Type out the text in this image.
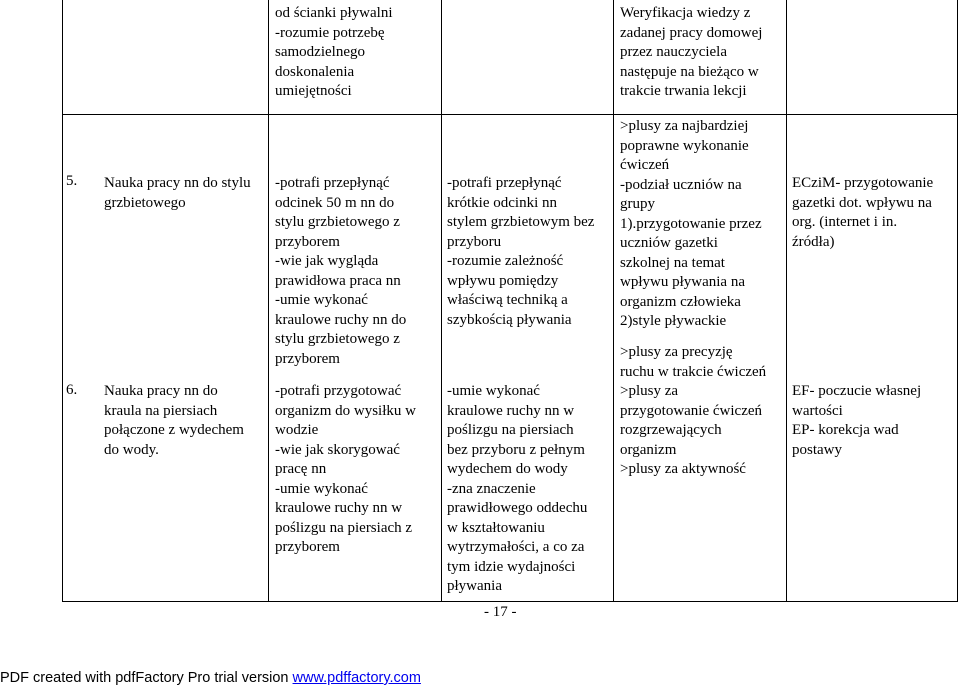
od ścianki pływalni
-rozumie potrzebę
samodzielnego
doskonalenia
umiejętności
Weryfikacja wiedzy z
zadanej pracy domowej
przez nauczyciela
następuje na bieżąco w
trakcie trwania lekcji
5. Nauka pracy nn do stylu
grzbietowego
-potrafi przepłynąć
odcinek 50 m nn do
stylu grzbietowego z
przyborem
-wie jak wygląda
prawidłowa praca nn
-umie wykonać
kraulowe ruchy nn do
stylu grzbietowego z
przyborem
-potrafi przepłynąć
krótkie odcinki nn
stylem grzbietowym bez
przyboru
-rozumie zależność
wpływu pomiędzy
właściwą techniką a
szybkością pływania
>plusy za najbardziej
poprawne wykonanie
ćwiczeń
-podział uczniów na
grupy
1).przygotowanie przez
uczniów gazetki
szkolnej na temat
wpływu pływania na
organizm człowieka
2)style pływackie
ECziM- przygotowanie
gazetki dot. wpływu na
org. (internet i in.
źródła)
6. Nauka pracy nn do
kraula na piersiach
połączone z wydechem
do wody.
-potrafi przygotować
organizm do wysiłku w
wodzie
-wie jak skorygować
pracę nn
-umie wykonać
kraulowe ruchy nn w
poślizgu na piersiach z
przyborem
-umie wykonać
kraulowe ruchy nn w
poślizgu na piersiach
bez przyboru z pełnym
wydechem do wody
-zna znaczenie
prawidłowego oddechu
w kształtowaniu
wytrzymałości, a co za
tym idzie wydajności
pływania
>plusy za precyzję
ruchu w trakcie ćwiczeń
>plusy za
przygotowanie ćwiczeń
rozgrzewających
organizm
>plusy za aktywność
EF- poczucie własnej
wartości
EP- korekcja wad
postawy
- 17 -
PDF created with pdfFactory Pro trial version www.pdffactory.com
